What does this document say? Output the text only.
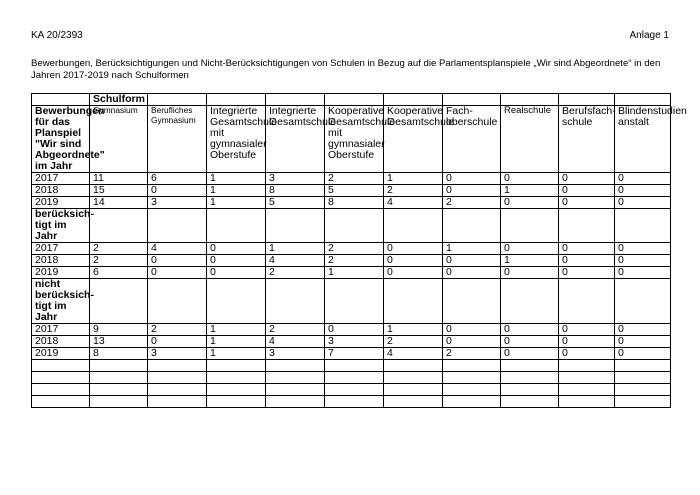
KA 20/2393	Anlage 1
Bewerbungen, Berücksichtigungen und Nicht-Berücksichtigungen von Schulen in Bezug auf die Parlamentsplanspiele „Wir sind Abgeordnete“ in den Jahren 2017-2019 nach Schulformen
	Schulform									
Bewerbungen für das Planspiel "Wir sind Abgeordnete" im Jahr	Gymnasium	Berufliches Gymnasium	Integrierte Gesamtschule mit gymnasialer Oberstufe	Integrierte Gesamtschule	Kooperative Gesamtschule mit gymnasialer Oberstufe	Kooperative Gesamtschule	Fach-oberschule	Realschule	Berufsfach-schule	Blindenstudien anstalt
2017	11	6	1	3	2	1	0	0	0	0
2018	15	0	1	8	5	2	0	1	0	0
2019	14	3	1	5	8	4	2	0	0	0
berücksich-tigt im Jahr										
2017	2	4	0	1	2	0	1	0	0	0
2018	2	0	0	4	2	0	0	1	0	0
2019	6	0	0	2	1	0	0	0	0	0
nicht berücksich-tigt im Jahr										
2017	9	2	1	2	0	1	0	0	0	0
2018	13	0	1	4	3	2	0	0	0	0
2019	8	3	1	3	7	4	2	0	0	0
